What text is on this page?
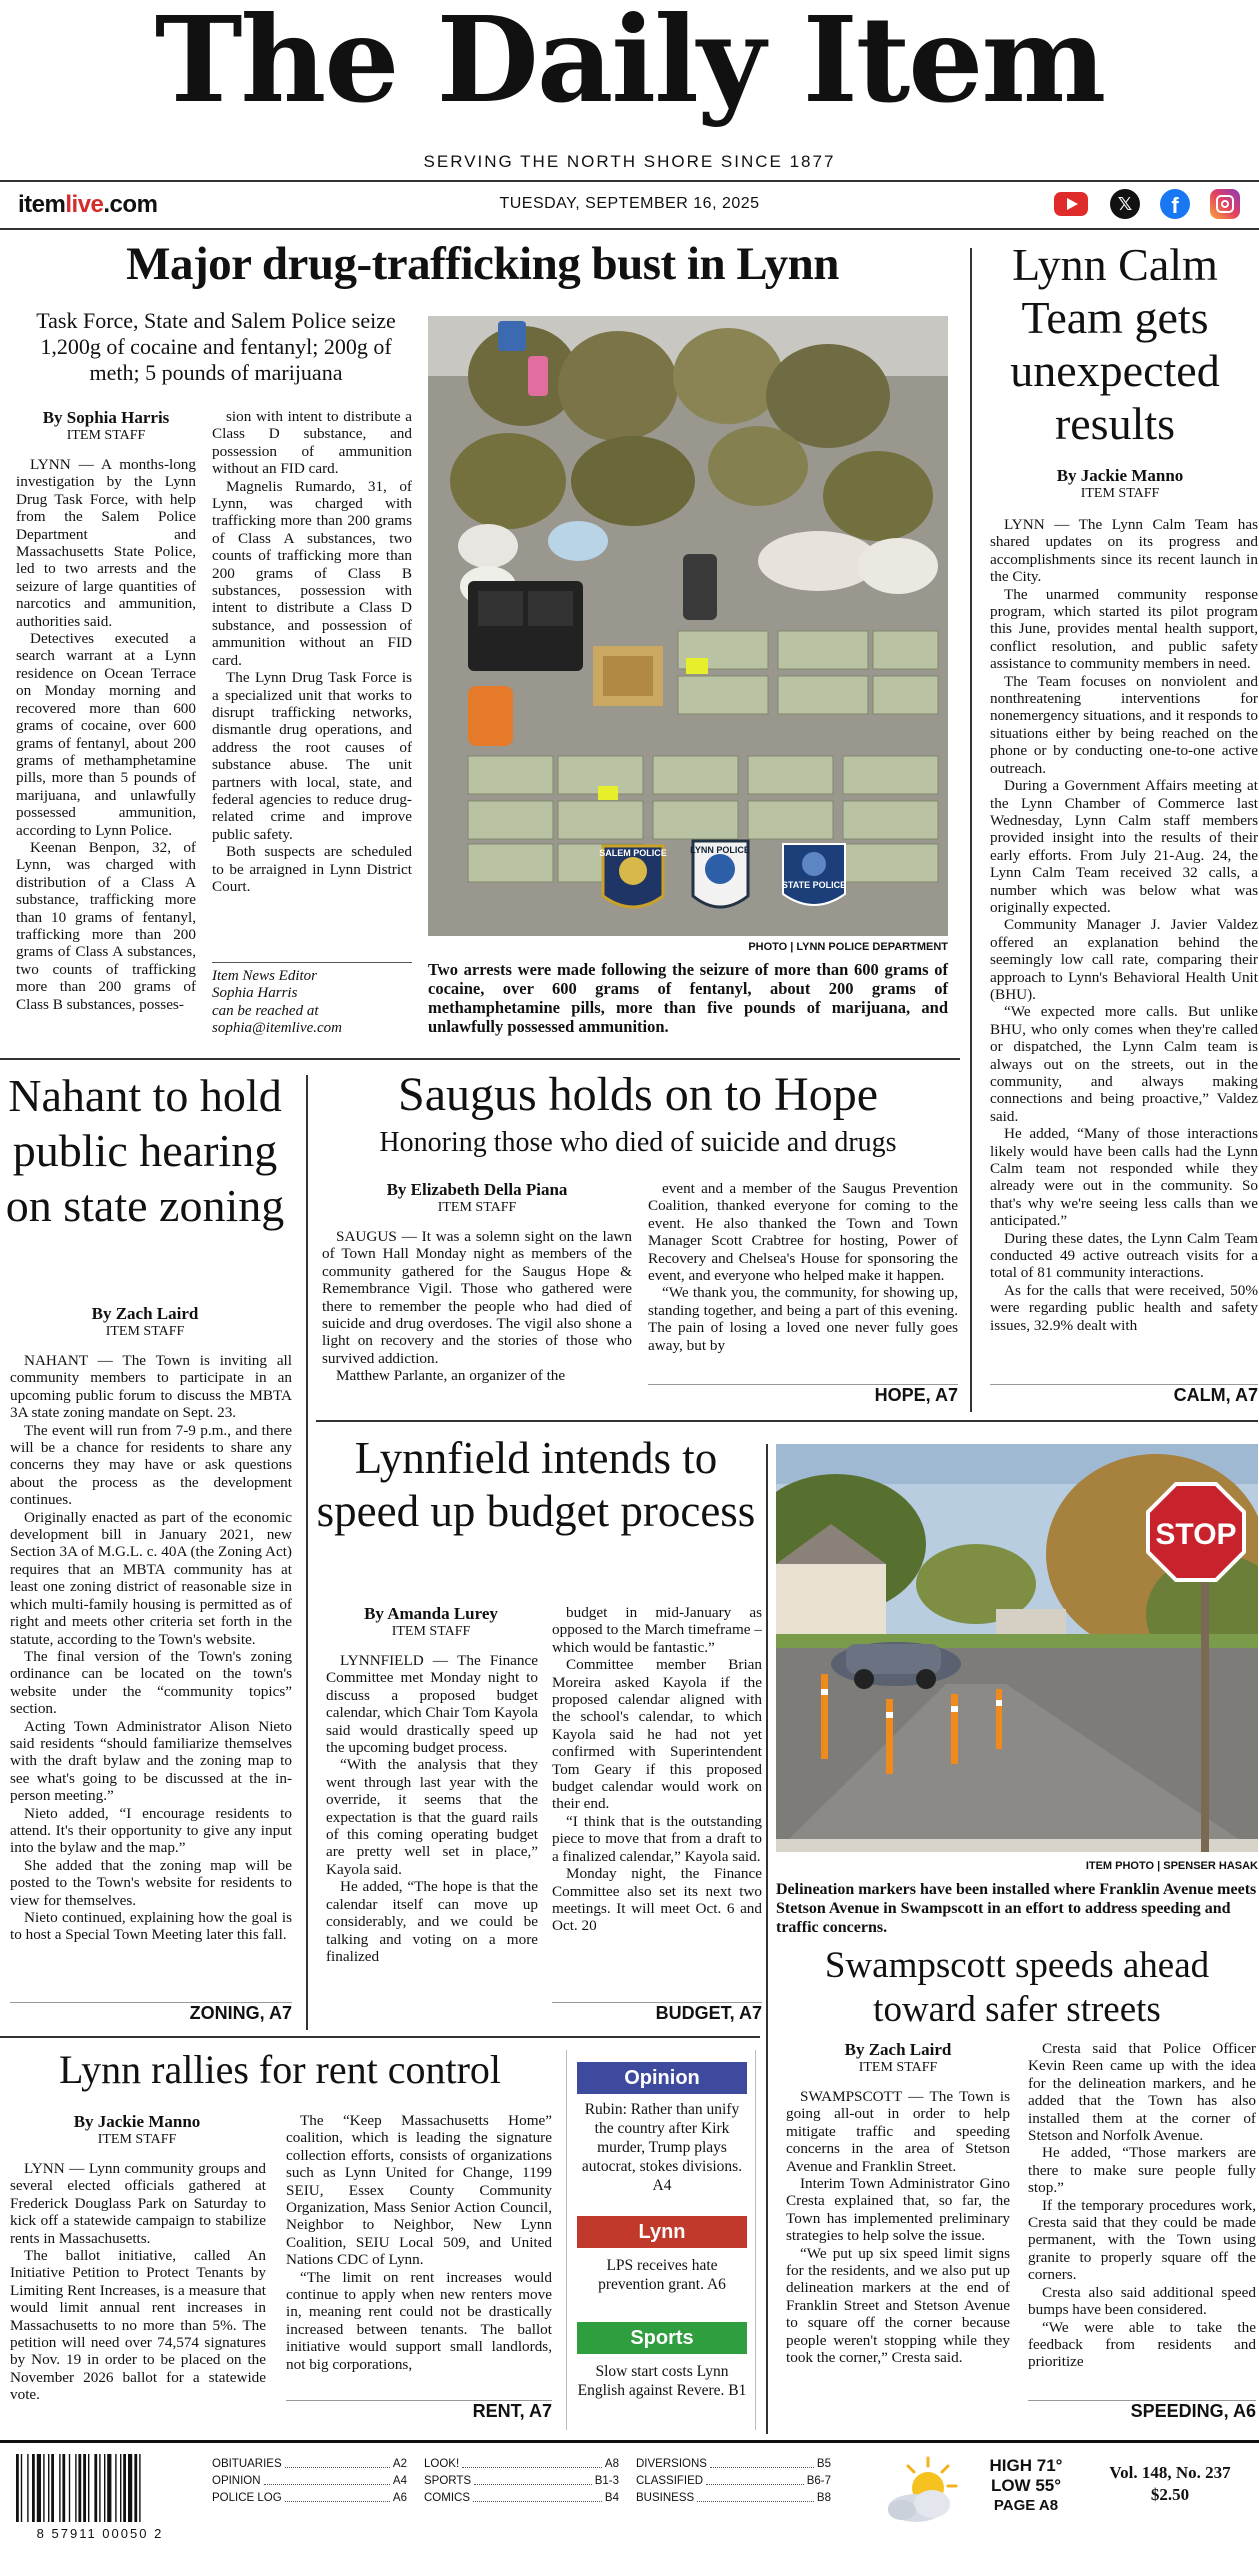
The Daily Item
SERVING THE NORTH SHORE SINCE 1877
itemlive.com	TUESDAY, SEPTEMBER 16, 2025	𝕏	f
Major drug-trafficking bust in Lynn
Task Force, State and Salem Police seize 1,200g of cocaine and fentanyl; 200g of meth; 5 pounds of marijuana
By Sophia Harris
ITEM STAFF

LYNN — A months-long investigation by the Lynn Drug Task Force, with help from the Salem Police Department and Massachusetts State Police, led to two arrests and the seizure of large quantities of narcotics and ammunition, authorities said.

Detectives executed a search warrant at a Lynn residence on Ocean Terrace on Monday morning and recovered more than 600 grams of cocaine, over 600 grams of fentanyl, about 200 grams of methamphetamine pills, more than 5 pounds of marijuana, and unlawfully possessed ammunition, according to Lynn Police.

Keenan Benpon, 32, of Lynn, was charged with distribution of a Class A substance, trafficking more than 10 grams of fentanyl, trafficking more than 200 grams of Class A substances, two counts of trafficking more than 200 grams of Class B substances, posses-

sion with intent to distribute a Class D substance, and possession of ammunition without an FID card.

Magnelis Rumardo, 31, of Lynn, was charged with trafficking more than 200 grams of Class A substances, two counts of trafficking more than 200 grams of Class B substances, possession with intent to distribute a Class D substance, and possession of ammunition without an FID card.

The Lynn Drug Task Force is a specialized unit that works to disrupt trafficking networks, dismantle drug operations, and address the root causes of substance abuse. The unit partners with local, state, and federal agencies to reduce drug-related crime and improve public safety.

Both suspects are scheduled to be arraigned in Lynn District Court.

Item News Editor
Sophia Harris
can be reached at
sophia@itemlive.com
SALEM POLICE	LYNN POLICE
STATE POLICE
PHOTO | LYNN POLICE DEPARTMENT
Two arrests were made following the seizure of more than 600 grams of cocaine, over 600 grams of fentanyl, about 200 grams of methamphetamine pills, more than five pounds of marijuana, and unlawfully possessed ammunition.
Lynn Calm Team gets unexpected results
By Jackie Manno
ITEM STAFF

LYNN — The Lynn Calm Team has shared updates on its progress and accomplishments since its recent launch in the City.

The unarmed community response program, which started its pilot program this June, provides mental health support, conflict resolution, and public safety assistance to community members in need.

The Team focuses on nonviolent and nonthreatening interventions for nonemergency situations, and it responds to situations either by being reached on the phone or by conducting one-to-one active outreach.

During a Government Affairs meeting at the Lynn Chamber of Commerce last Wednesday, Lynn Calm staff members provided insight into the results of their early efforts. From July 21-Aug. 24, the Lynn Calm Team received 32 calls, a number which was below what was originally expected.

Community Manager J. Javier Valdez offered an explanation behind the seemingly low call rate, comparing their approach to Lynn's Behavioral Health Unit (BHU).

“We expected more calls. But unlike BHU, who only comes when they're called or dispatched, the Lynn Calm team is always out on the streets, out in the community, and always making connections and being proactive,” Valdez said.

He added, “Many of those interactions likely would have been calls had the Lynn Calm team not responded while they already were out in the community. So that's why we're seeing less calls than we anticipated.”

During these dates, the Lynn Calm Team conducted 49 active outreach visits for a total of 81 community interactions.

As for the calls that were received, 50% were regarding public health and safety issues, 32.9% dealt with

CALM, A7
Nahant to hold public hearing on state zoning
By Zach Laird
ITEM STAFF

NAHANT — The Town is inviting all community members to participate in an upcoming public forum to discuss the MBTA 3A state zoning mandate on Sept. 23.

The event will run from 7-9 p.m., and there will be a chance for residents to share any concerns they may have or ask questions about the process as the development continues.

Originally enacted as part of the economic development bill in January 2021, new Section 3A of M.G.L. c. 40A (the Zoning Act) requires that an MBTA community has at least one zoning district of reasonable size in which multi-family housing is permitted as of right and meets other criteria set forth in the statute, according to the Town's website.

The final version of the Town's zoning ordinance can be located on the town's website under the “community topics” section.

Acting Town Administrator Alison Nieto said residents “should familiarize themselves with the draft bylaw and the zoning map to see what's going to be discussed at the in-person meeting.”

Nieto added, “I encourage residents to attend. It's their opportunity to give any input into the bylaw and the map.”

She added that the zoning map will be posted to the Town's website for residents to view for themselves.

Nieto continued, explaining how the goal is to host a Special Town Meeting later this fall.

ZONING, A7
Saugus holds on to Hope
Honoring those who died of suicide and drugs
By Elizabeth Della Piana
ITEM STAFF

SAUGUS — It was a solemn sight on the lawn of Town Hall Monday night as members of the community gathered for the Saugus Hope & Remembrance Vigil. Those who gathered were there to remember the people who had died of suicide and drug overdoses. The vigil also shone a light on recovery and the stories of those who survived addiction.

Matthew Parlante, an organizer of the

event and a member of the Saugus Prevention Coalition, thanked everyone for coming to the event. He also thanked the Town and Town Manager Scott Crabtree for hosting, Power of Recovery and Chelsea's House for sponsoring the event, and everyone who helped make it happen.

“We thank you, the community, for showing up, standing together, and being a part of this evening. The pain of losing a loved one never fully goes away, but by

HOPE, A7
Lynnfield intends to speed up budget process
By Amanda Lurey
ITEM STAFF

LYNNFIELD — The Finance Committee met Monday night to discuss a proposed budget calendar, which Chair Tom Kayola said would drastically speed up the upcoming budget process.

“With the analysis that they went through last year with the override, it seems that the expectation is that the guard rails of this coming operating budget are pretty well set in place,” Kayola said.

He added, “The hope is that the calendar itself can move up considerably, and we could be talking and voting on a more finalized

budget in mid-January as opposed to the March timeframe – which would be fantastic.”

Committee member Brian Moreira asked Kayola if the proposed calendar aligned with the school's calendar, to which Kayola said he had not yet confirmed with Superintendent Tom Geary if this proposed budget calendar would work on their end.

“I think that is the outstanding piece to move that from a draft to a finalized calendar,” Kayola said.

Monday night, the Finance Committee also set its next two meetings. It will meet Oct. 6 and Oct. 20

BUDGET, A7
STOP
ITEM PHOTO | SPENSER HASAK
Delineation markers have been installed where Franklin Avenue meets Stetson Avenue in Swampscott in an effort to address speeding and traffic concerns.
Swampscott speeds ahead toward safer streets
By Zach Laird
ITEM STAFF

SWAMPSCOTT — The Town is going all-out in order to help mitigate traffic and speeding concerns in the area of Stetson Avenue and Franklin Street.

Interim Town Administrator Gino Cresta explained that, so far, the Town has implemented preliminary strategies to help solve the issue.

“We put up six speed limit signs for the residents, and we also put up delineation markers at the end of Franklin Street and Stetson Avenue to square off the corner because people weren't stopping while they took the corner,” Cresta said.

Cresta said that Police Officer Kevin Reen came up with the idea for the delineation markers, and he added that the Town has also installed them at the corner of Stetson and Norfolk Avenue.

He added, “Those markers are there to make sure people fully stop.”

If the temporary procedures work, Cresta said that they could be made permanent, with the Town using granite to properly square off the corners.

Cresta also said additional speed bumps have been considered.

“We were able to take the feedback from residents and prioritize

SPEEDING, A6
Lynn rallies for rent control
By Jackie Manno
ITEM STAFF

LYNN — Lynn community groups and several elected officials gathered at Frederick Douglass Park on Saturday to kick off a statewide campaign to stabilize rents in Massachusetts.

The ballot initiative, called An Initiative Petition to Protect Tenants by Limiting Rent Increases, is a measure that would limit annual rent increases in Massachusetts to no more than 5%. The petition will need over 74,574 signatures by Nov. 19 in order to be placed on the November 2026 ballot for a statewide vote.

The “Keep Massachusetts Home” coalition, which is leading the signature collection efforts, consists of organizations such as Lynn United for Change, 1199 SEIU, Essex County Community Organization, Mass Senior Action Council, Neighbor to Neighbor, New Lynn Coalition, SEIU Local 509, and United Nations CDC of Lynn.

“The limit on rent increases would continue to apply when new renters move in, meaning rent could not be drastically increased between tenants. The ballot initiative would support small landlords, not big corporations,

RENT, A7
Opinion
Rubin: Rather than unify the country after Kirk murder, Trump plays autocrat, stokes divisions. A4
Lynn
LPS receives hate prevention grant. A6
Sports
Slow start costs Lynn English against Revere. B1
8 57911 00050 2
OBITUARIES	A2
OPINION	A4
POLICE LOG	A6
LOOK!	A8
SPORTS	B1-3
COMICS	B4
DIVERSIONS	B5
CLASSIFIED	B6-7
BUSINESS	B8
HIGH 71°
LOW 55°
PAGE A8
Vol. 148, No. 237
$2.50
